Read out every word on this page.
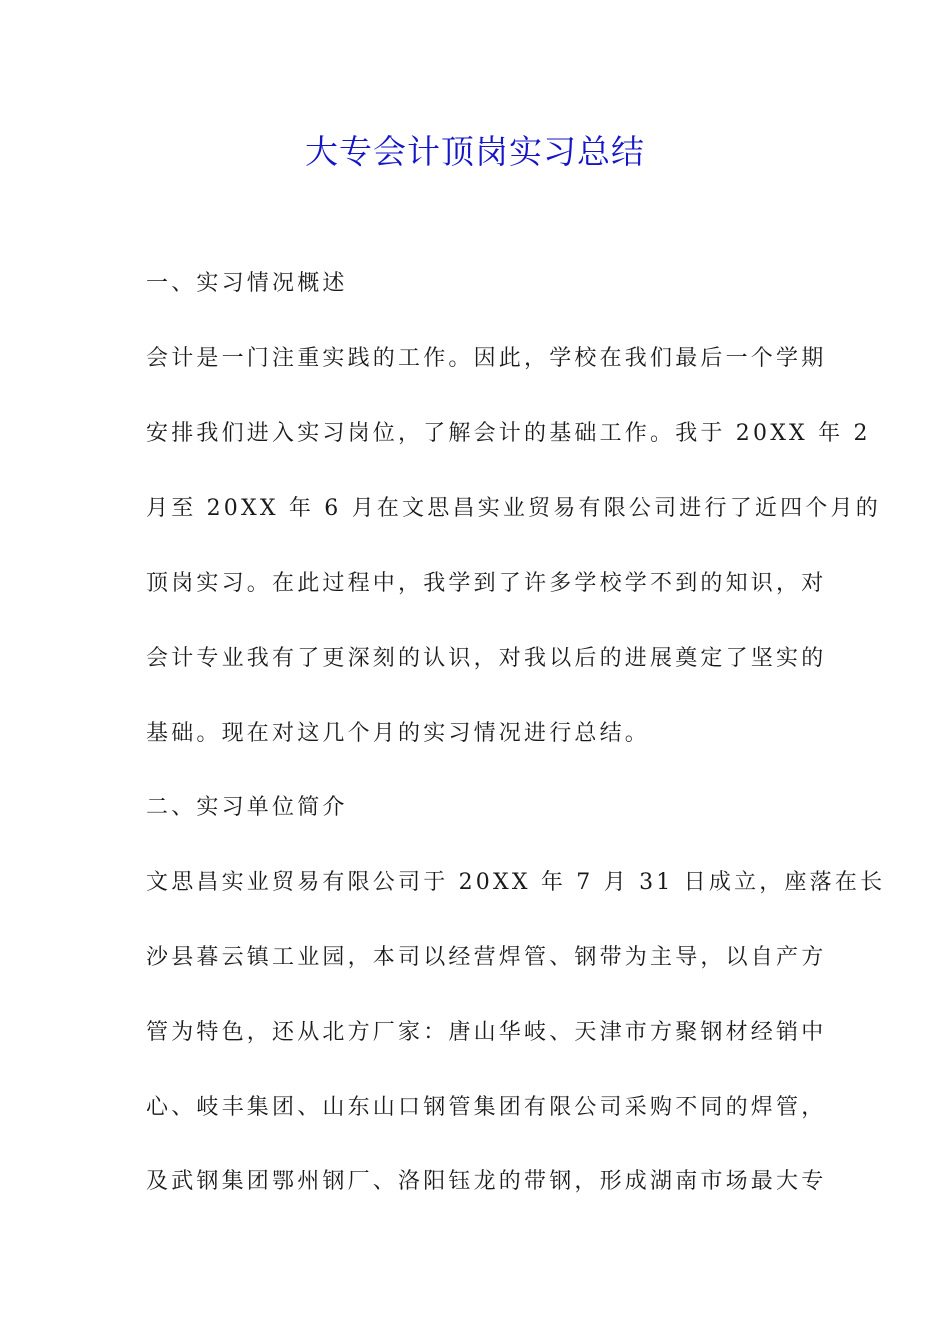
大专会计顶岗实习总结
一、实习情况概述
会计是一门注重实践的工作。因此，学校在我们最后一个学期
安排我们进入实习岗位，了解会计的基础工作。我于 20XX 年 2
月至 20XX 年 6 月在文思昌实业贸易有限公司进行了近四个月的
顶岗实习。在此过程中，我学到了许多学校学不到的知识，对
会计专业我有了更深刻的认识，对我以后的进展奠定了坚实的
基础。现在对这几个月的实习情况进行总结。
二、实习单位简介
文思昌实业贸易有限公司于 20XX 年 7 月 31 日成立，座落在长
沙县暮云镇工业园，本司以经营焊管、钢带为主导，以自产方
管为特色，还从北方厂家：唐山华岐、天津市方聚钢材经销中
心、岐丰集团、山东山口钢管集团有限公司采购不同的焊管，
及武钢集团鄂州钢厂、洛阳钰龙的带钢，形成湖南市场最大专
